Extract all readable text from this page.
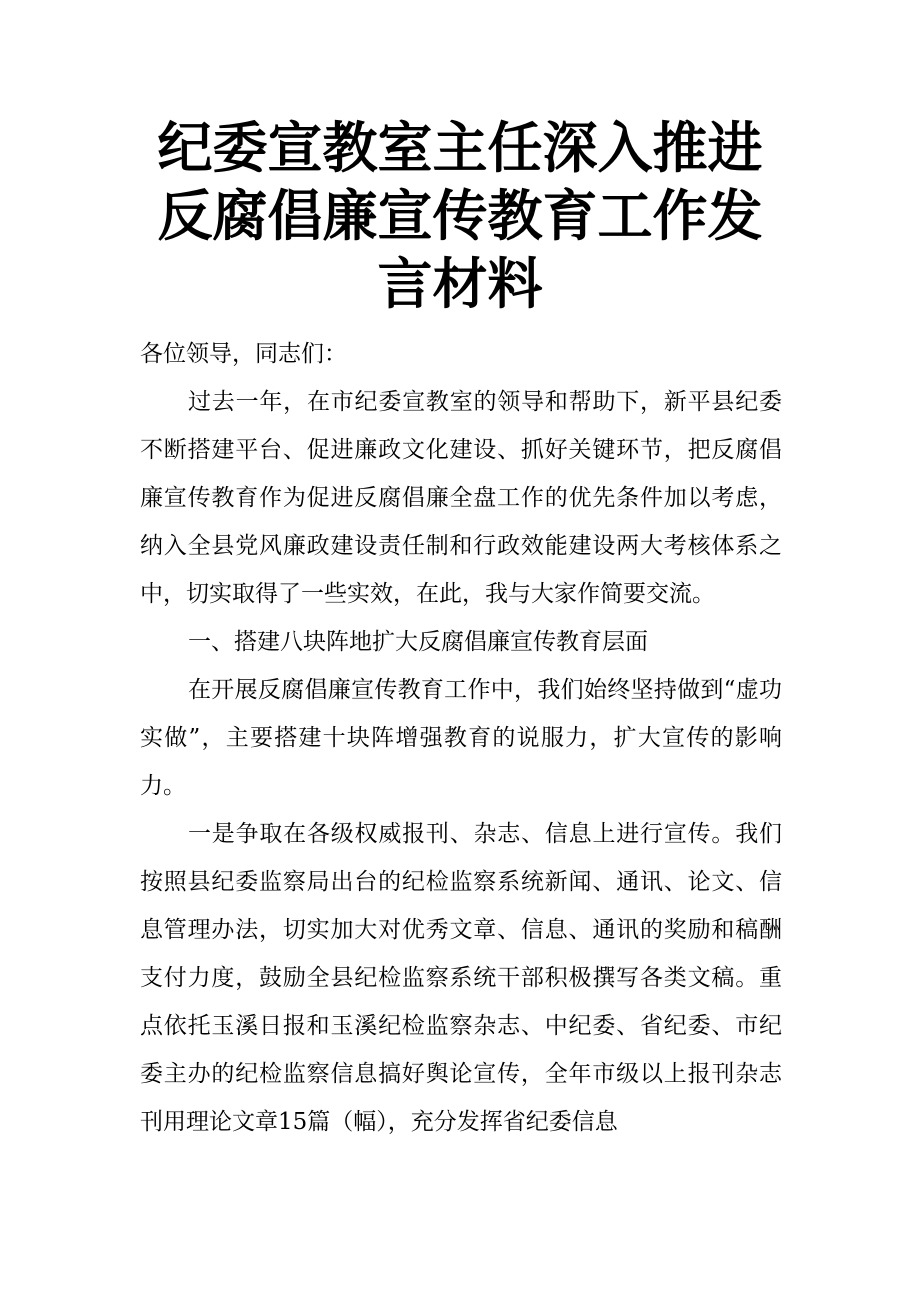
纪委宣教室主任深入推进
反腐倡廉宣传教育工作发
言材料

各位领导，同志们：

过去一年，在市纪委宣教室的领导和帮助下，新平县纪委不断搭建平台、促进廉政文化建设、抓好关键环节，把反腐倡廉宣传教育作为促进反腐倡廉全盘工作的优先条件加以考虑，纳入全县党风廉政建设责任制和行政效能建设两大考核体系之中，切实取得了一些实效，在此，我与大家作简要交流。

一、搭建八块阵地扩大反腐倡廉宣传教育层面

在开展反腐倡廉宣传教育工作中，我们始终坚持做到“虚功实做”，主要搭建十块阵增强教育的说服力，扩大宣传的影响力。

一是争取在各级权威报刊、杂志、信息上进行宣传。我们按照县纪委监察局出台的纪检监察系统新闻、通讯、论文、信息管理办法，切实加大对优秀文章、信息、通讯的奖励和稿酬支付力度，鼓励全县纪检监察系统干部积极撰写各类文稿。重点依托玉溪日报和玉溪纪检监察杂志、中纪委、省纪委、市纪委主办的纪检监察信息搞好舆论宣传，全年市级以上报刊杂志刊用理论文章15篇（幅），充分发挥省纪委信息
